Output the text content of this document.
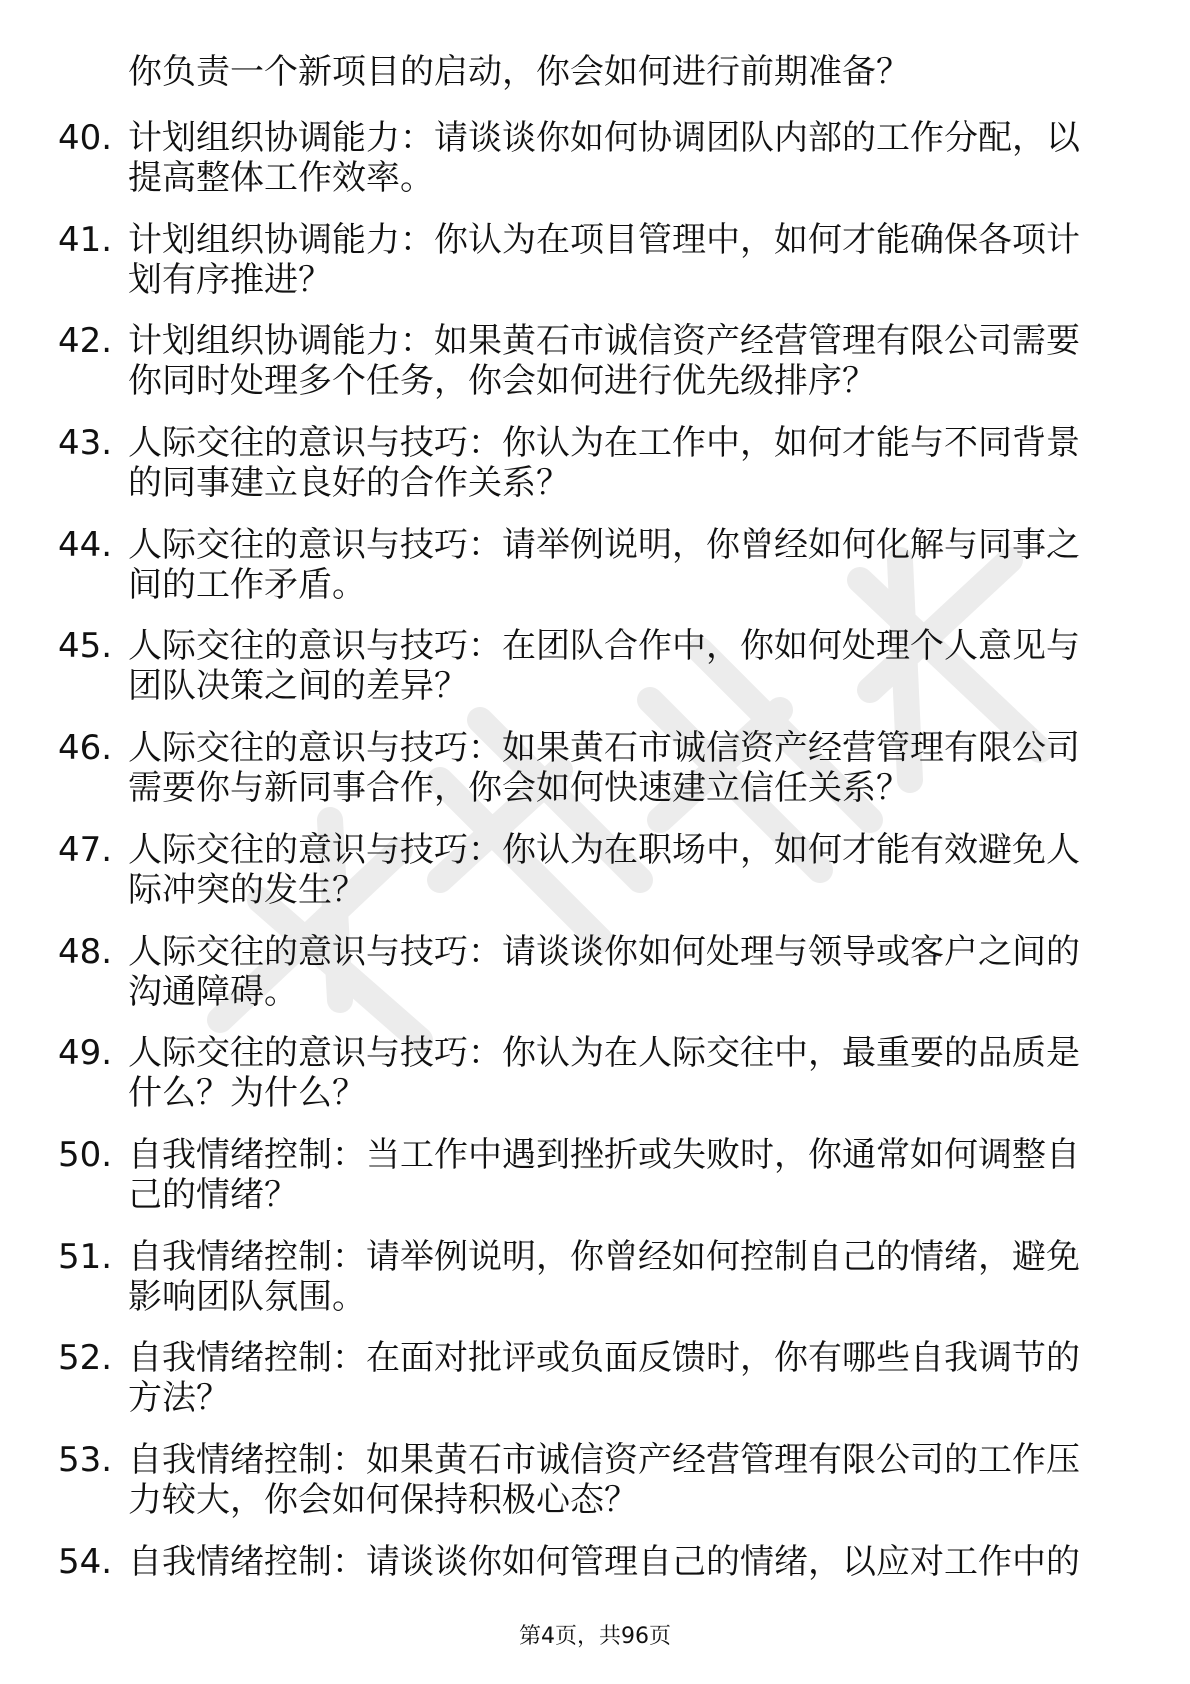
你负责一个新项目的启动，你会如何进行前期准备？

40. 计划组织协调能力：请谈谈你如何协调团队内部的工作分配，以
提高整体工作效率。
41. 计划组织协调能力：你认为在项目管理中，如何才能确保各项计
划有序推进？
42. 计划组织协调能力：如果黄石市诚信资产经营管理有限公司需要
你同时处理多个任务，你会如何进行优先级排序？
43. 人际交往的意识与技巧：你认为在工作中，如何才能与不同背景
的同事建立良好的合作关系？
44. 人际交往的意识与技巧：请举例说明，你曾经如何化解与同事之
间的工作矛盾。
45. 人际交往的意识与技巧：在团队合作中，你如何处理个人意见与
团队决策之间的差异？
46. 人际交往的意识与技巧：如果黄石市诚信资产经营管理有限公司
需要你与新同事合作，你会如何快速建立信任关系？
47. 人际交往的意识与技巧：你认为在职场中，如何才能有效避免人
际冲突的发生？
48. 人际交往的意识与技巧：请谈谈你如何处理与领导或客户之间的
沟通障碍。
49. 人际交往的意识与技巧：你认为在人际交往中，最重要的品质是
什么？为什么？
50. 自我情绪控制：当工作中遇到挫折或失败时，你通常如何调整自
己的情绪？
51. 自我情绪控制：请举例说明，你曾经如何控制自己的情绪，避免
影响团队氛围。
52. 自我情绪控制：在面对批评或负面反馈时，你有哪些自我调节的
方法？
53. 自我情绪控制：如果黄石市诚信资产经营管理有限公司的工作压
力较大，你会如何保持积极心态？
54. 自我情绪控制：请谈谈你如何管理自己的情绪，以应对工作中的
第4页，共96页
